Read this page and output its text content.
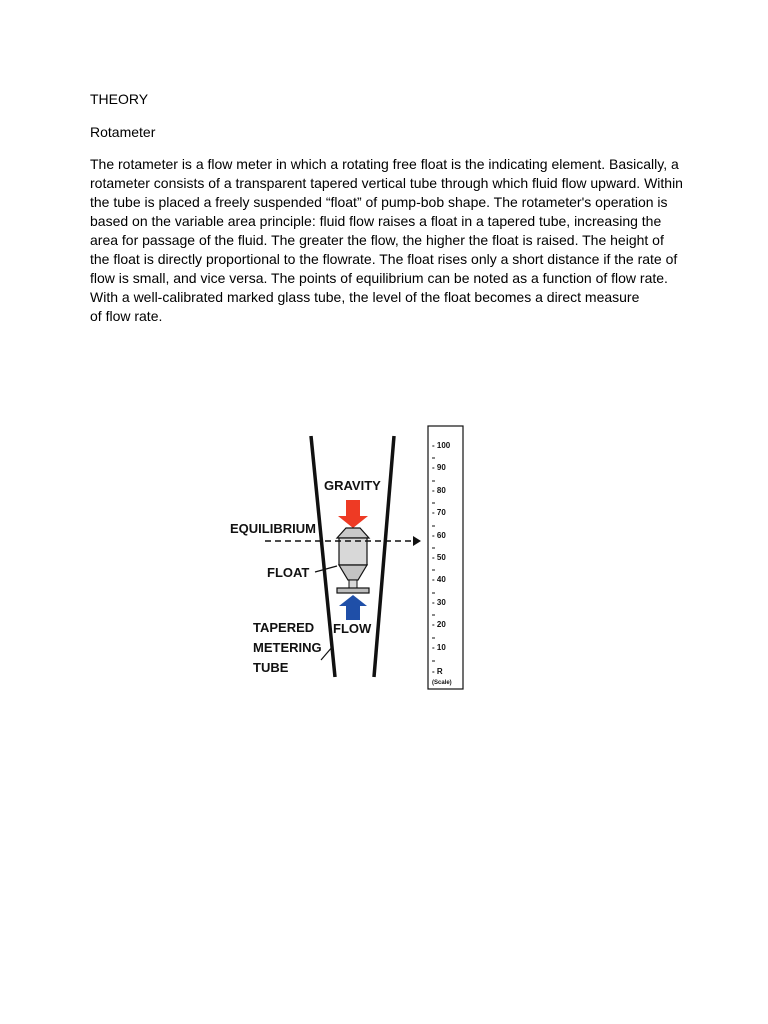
THEORY
Rotameter
The rotameter is a flow meter in which a rotating free float is the indicating element. Basically, a
rotameter consists of a transparent tapered vertical tube through which fluid flow upward. Within
the tube is placed a freely suspended “float” of pump-bob shape. The rotameter's operation is
based on the variable area principle: fluid flow raises a float in a tapered tube, increasing the
area for passage of the fluid. The greater the flow, the higher the float is raised. The height of
the float is directly proportional to the flowrate. The float rises only a short distance if the rate of
flow is small, and vice versa. The points of equilibrium can be noted as a function of flow rate.
With a well-calibrated marked glass tube, the level of the float becomes a direct measure
of flow rate.
GRAVITY
EQUILIBRIUM
FLOAT
FLOW
TAPERED
METERING
TUBE
- 100
- 90
- 80
- 70
- 60
- 50
- 40
- 30
- 20
- 10
- R
(Scale)
